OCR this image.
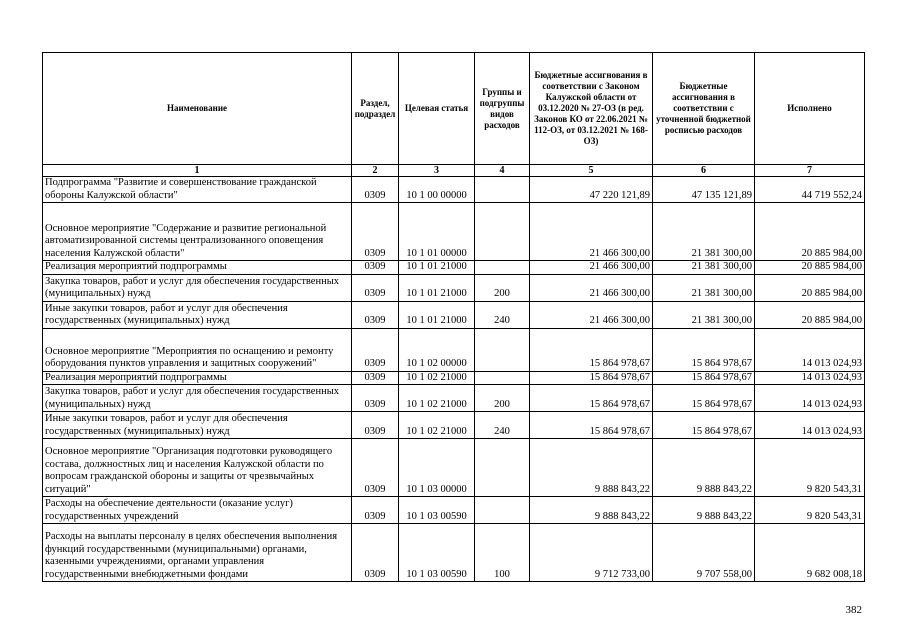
Наименование	Раздел, подраздел	Целевая статья	Группы и подгруппы видов расходов	Бюджетные ассигнования в соответствии с Законом Калужской области от 03.12.2020 № 27-ОЗ (в ред. Законов КО от 22.06.2021 № 112-ОЗ, от 03.12.2021 № 168-ОЗ)	Бюджетные ассигнования в соответствии с уточненной бюджетной росписью расходов	Исполнено
1	2	3	4	5	6	7
Подпрограмма "Развитие и совершенствование гражданской обороны Калужской области"	0309	10 1 00 00000		47 220 121,89	47 135 121,89	44 719 552,24
Основное мероприятие "Содержание и развитие региональной автоматизированной системы централизованного оповещения населения Калужской области"	0309	10 1 01 00000		21 466 300,00	21 381 300,00	20 885 984,00
Реализация мероприятий подпрограммы	0309	10 1 01 21000		21 466 300,00	21 381 300,00	20 885 984,00
Закупка товаров, работ и услуг для обеспечения государственных (муниципальных) нужд	0309	10 1 01 21000	200	21 466 300,00	21 381 300,00	20 885 984,00
Иные закупки товаров, работ и услуг для обеспечения государственных (муниципальных) нужд	0309	10 1 01 21000	240	21 466 300,00	21 381 300,00	20 885 984,00
Основное мероприятие "Мероприятия по оснащению и ремонту оборудования пунктов управления и защитных сооружений"	0309	10 1 02 00000		15 864 978,67	15 864 978,67	14 013 024,93
Реализация мероприятий подпрограммы	0309	10 1 02 21000		15 864 978,67	15 864 978,67	14 013 024,93
Закупка товаров, работ и услуг для обеспечения государственных (муниципальных) нужд	0309	10 1 02 21000	200	15 864 978,67	15 864 978,67	14 013 024,93
Иные закупки товаров, работ и услуг для обеспечения государственных (муниципальных) нужд	0309	10 1 02 21000	240	15 864 978,67	15 864 978,67	14 013 024,93
Основное мероприятие "Организация подготовки руководящего состава, должностных лиц и населения Калужской области по вопросам гражданской обороны и защиты от чрезвычайных ситуаций"	0309	10 1 03 00000		9 888 843,22	9 888 843,22	9 820 543,31
Расходы на обеспечение деятельности (оказание услуг) государственных учреждений	0309	10 1 03 00590		9 888 843,22	9 888 843,22	9 820 543,31
Расходы на выплаты персоналу в целях обеспечения выполнения функций государственными (муниципальными) органами, казенными учреждениями, органами управления государственными внебюджетными фондами	0309	10 1 03 00590	100	9 712 733,00	9 707 558,00	9 682 008,18
382
